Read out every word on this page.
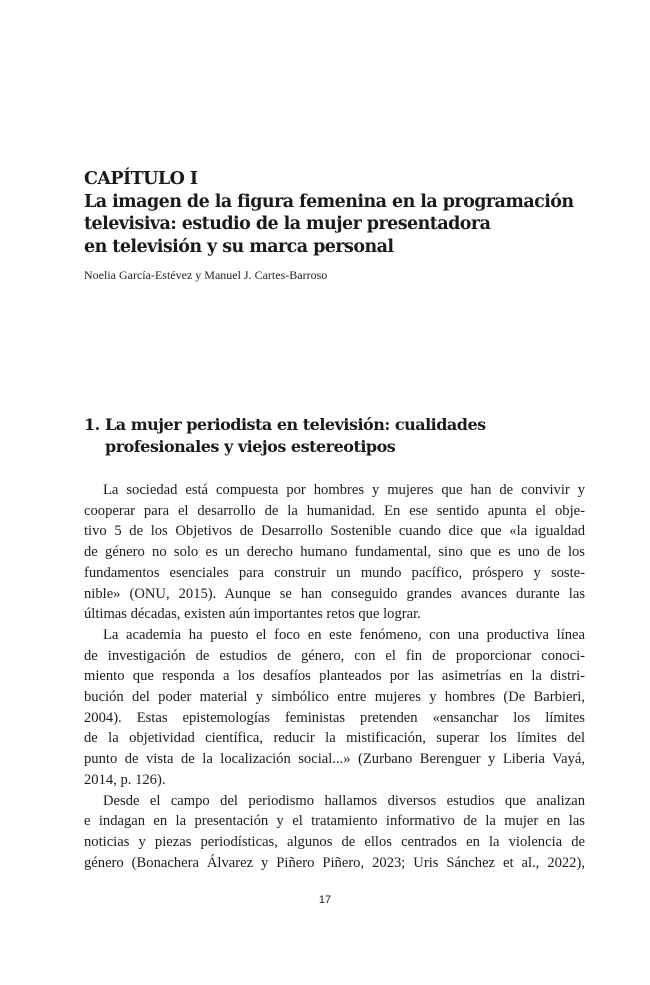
CAPÍTULO I
La imagen de la figura femenina en la programación
televisiva: estudio de la mujer presentadora
en televisión y su marca personal
Noelia García-Estévez y Manuel J. Cartes-Barroso
1. La mujer periodista en televisión: cualidades
profesionales y viejos estereotipos
La sociedad está compuesta por hombres y mujeres que han de convivir y
cooperar para el desarrollo de la humanidad. En ese sentido apunta el obje-
tivo 5 de los Objetivos de Desarrollo Sostenible cuando dice que «la igualdad
de género no solo es un derecho humano fundamental, sino que es uno de los
fundamentos esenciales para construir un mundo pacífico, próspero y soste-
nible» (ONU, 2015). Aunque se han conseguido grandes avances durante las
últimas décadas, existen aún importantes retos que lograr.
La academia ha puesto el foco en este fenómeno, con una productiva línea
de investigación de estudios de género, con el fin de proporcionar conoci-
miento que responda a los desafíos planteados por las asimetrías en la distri-
bución del poder material y simbólico entre mujeres y hombres (De Barbieri,
2004). Estas epistemologías feministas pretenden «ensanchar los límites
de la objetividad científica, reducir la mistificación, superar los límites del
punto de vista de la localización social...» (Zurbano Berenguer y Liberia Vayá,
2014, p. 126).
Desde el campo del periodismo hallamos diversos estudios que analizan
e indagan en la presentación y el tratamiento informativo de la mujer en las
noticias y piezas periodísticas, algunos de ellos centrados en la violencia de
género (Bonachera Álvarez y Piñero Piñero, 2023; Uris Sánchez et al., 2022),
17
